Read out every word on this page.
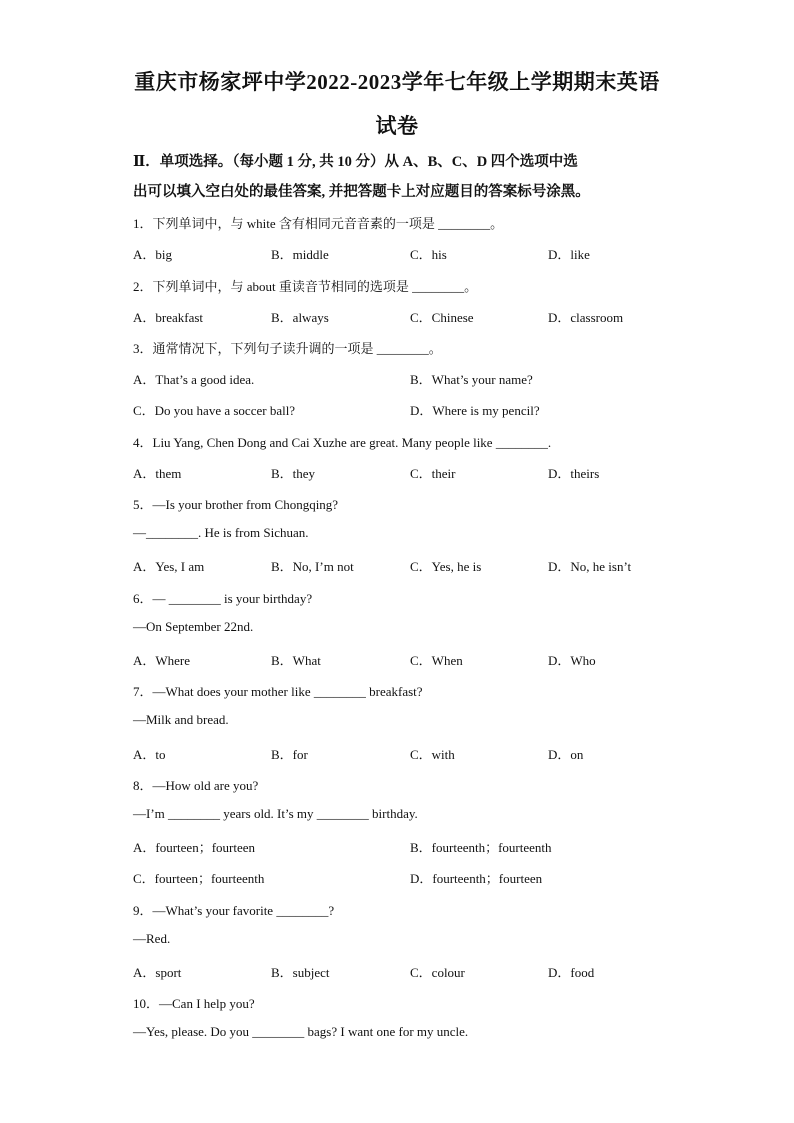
重庆市杨家坪中学2022-2023学年七年级上学期期末英语
试卷
Ⅱ．单项选择。（每小题 1 分, 共 10 分）从 A、B、C、D 四个选项中选
出可以填入空白处的最佳答案, 并把答题卡上对应题目的答案标号涂黑。
1．下列单词中，与 white 含有相同元音音素的一项是 ________。
A．big	B．middle	C．his	D．like
2．下列单词中，与 about 重读音节相同的选项是 ________。
A．breakfast	B．always	C．Chinese	D．classroom
3．通常情况下，下列句子读升调的一项是 ________。
A．That’s a good idea.	B．What’s your name?
C．Do you have a soccer ball?	D．Where is my pencil?
4．Liu Yang, Chen Dong and Cai Xuzhe are great. Many people like ________.
A．them	B．they	C．their	D．theirs
5．—Is your brother from Chongqing?
—________. He is from Sichuan.
A．Yes, I am	B．No, I’m not	C．Yes, he is	D．No, he isn’t
6．— ________ is your birthday?
—On September 22nd.
A．Where	B．What	C．When	D．Who
7．—What does your mother like ________ breakfast?
—Milk and bread.
A．to	B．for	C．with	D．on
8．—How old are you?
—I’m ________ years old. It’s my ________ birthday.
A．fourteen；fourteen	B．fourteenth；fourteenth
C．fourteen；fourteenth	D．fourteenth；fourteen
9．—What’s your favorite ________?
—Red.
A．sport	B．subject	C．colour	D．food
10．—Can I help you?
—Yes, please. Do you ________ bags? I want one for my uncle.
